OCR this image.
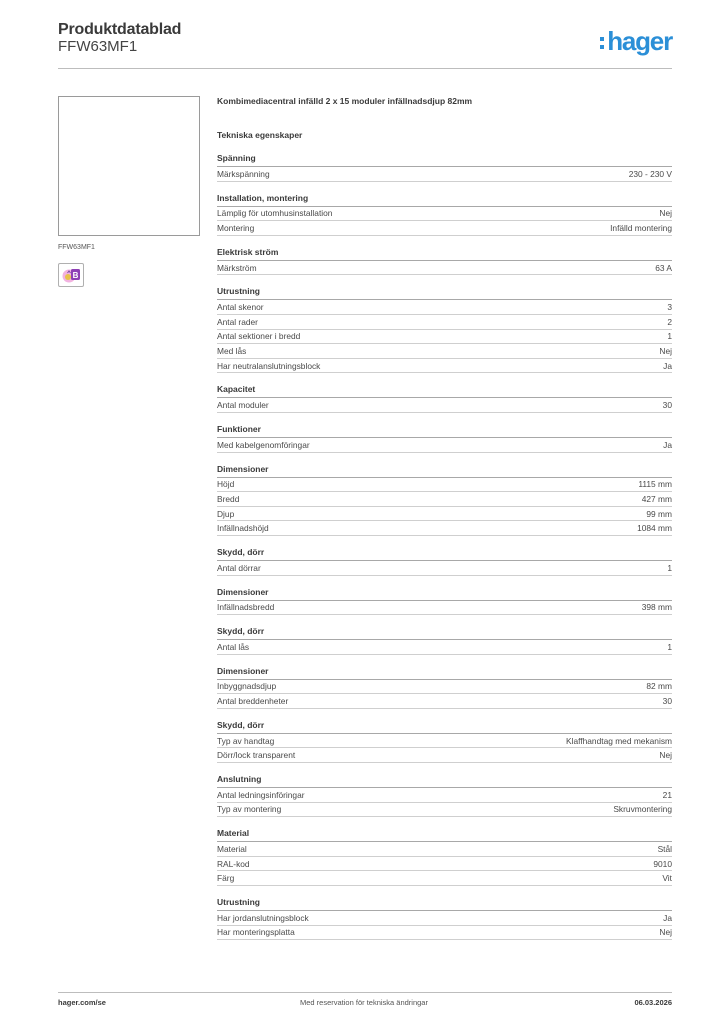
Produktdatablad
FFW63MF1	hager
FFW63MF1
B
Kombimediacentral infälld 2 x 15 moduler infällnadsdjup 82mm
Tekniska egenskaper
Spänning
Märkspänning	230 - 230 V
Installation, montering
Lämplig för utomhusinstallation	Nej
Montering	Infälld montering
Elektrisk ström
Märkström	63 A
Utrustning
Antal skenor	3
Antal rader	2
Antal sektioner i bredd	1
Med lås	Nej
Har neutralanslutningsblock	Ja
Kapacitet
Antal moduler	30
Funktioner
Med kabelgenomföringar	Ja
Dimensioner
Höjd	1115 mm
Bredd	427 mm
Djup	99 mm
Infällnadshöjd	1084 mm
Skydd, dörr
Antal dörrar	1
Dimensioner
Infällnadsbredd	398 mm
Skydd, dörr
Antal lås	1
Dimensioner
Inbyggnadsdjup	82 mm
Antal breddenheter	30
Skydd, dörr
Typ av handtag	Klaffhandtag med mekanism
Dörr/lock transparent	Nej
Anslutning
Antal ledningsinföringar	21
Typ av montering	Skruvmontering
Material
Material	Stål
RAL-kod	9010
Färg	Vit
Utrustning
Har jordanslutningsblock	Ja
Har monteringsplatta	Nej
hager.com/se	Med reservation för tekniska ändringar	06.03.2026
